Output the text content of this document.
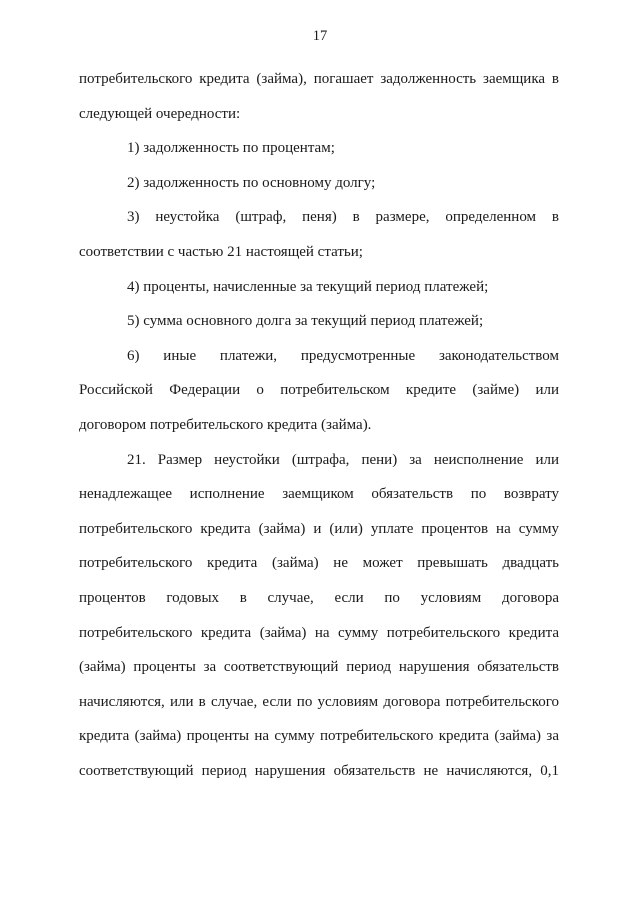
17
потребительского кредита (займа), погашает задолженность заемщика в
следующей очередности:
1) задолженность по процентам;
2) задолженность по основному долгу;
3) неустойка (штраф, пеня) в размере, определенном в
соответствии с частью 21 настоящей статьи;
4) проценты, начисленные за текущий период платежей;
5) сумма основного долга за текущий период платежей;
6) иные платежи, предусмотренные законодательством
Российской Федерации о потребительском кредите (займе) или
договором потребительского кредита (займа).
21. Размер неустойки (штрафа, пени) за неисполнение или
ненадлежащее исполнение заемщиком обязательств по возврату
потребительского кредита (займа) и (или) уплате процентов на сумму
потребительского кредита (займа) не может превышать двадцать
процентов годовых в случае, если по условиям договора
потребительского кредита (займа) на сумму потребительского кредита
(займа) проценты за соответствующий период нарушения обязательств
начисляются, или в случае, если по условиям договора потребительского
кредита (займа) проценты на сумму потребительского кредита (займа) за
соответствующий период нарушения обязательств не начисляются, 0,1
